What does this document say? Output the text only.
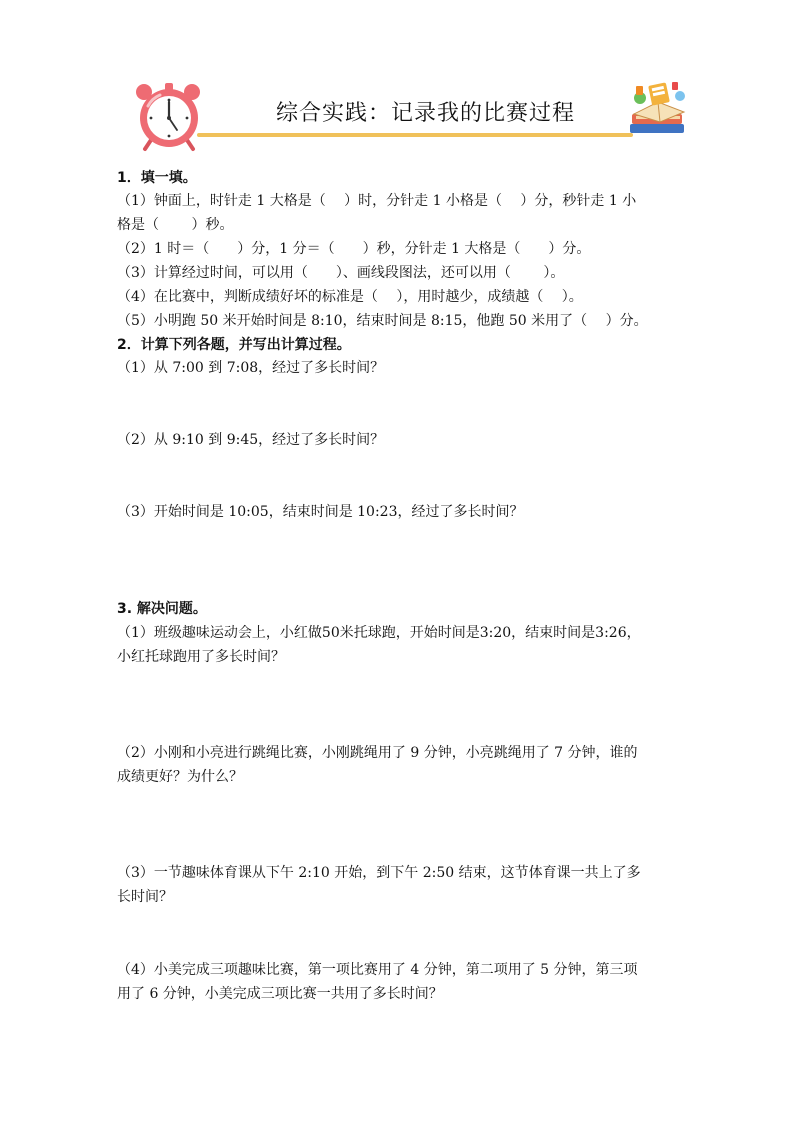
综合实践：记录我的比赛过程
1．填一填。
（1）钟面上，时针走 1 大格是（　 ）时，分针走 1 小格是（　 ）分，秒针走 1 小
格是（　　 ）秒。
（2）1 时＝（　　）分，1 分＝（　　）秒，分针走 1 大格是（　　）分。
（3）计算经过时间，可以用（　　）、画线段图法，还可以用（　　 ）。
（4）在比赛中，判断成绩好坏的标准是（　 ），用时越少，成绩越（　 ）。
（5）小明跑 50 米开始时间是 8:10，结束时间是 8:15，他跑 50 米用了（　 ）分。
2．计算下列各题，并写出计算过程。
（1）从 7:00 到 7:08，经过了多长时间？
（2）从 9:10 到 9:45，经过了多长时间？
（3）开始时间是 10:05，结束时间是 10:23，经过了多长时间？
3. 解决问题。
（1）班级趣味运动会上，小红做50米托球跑，开始时间是3:20，结束时间是3:26，
小红托球跑用了多长时间？
（2）小刚和小亮进行跳绳比赛，小刚跳绳用了 9 分钟，小亮跳绳用了 7 分钟，谁的
成绩更好？为什么？
（3）一节趣味体育课从下午 2:10 开始，到下午 2:50 结束，这节体育课一共上了多
长时间？
（4）小美完成三项趣味比赛，第一项比赛用了 4 分钟，第二项用了 5 分钟，第三项
用了 6 分钟，小美完成三项比赛一共用了多长时间？
